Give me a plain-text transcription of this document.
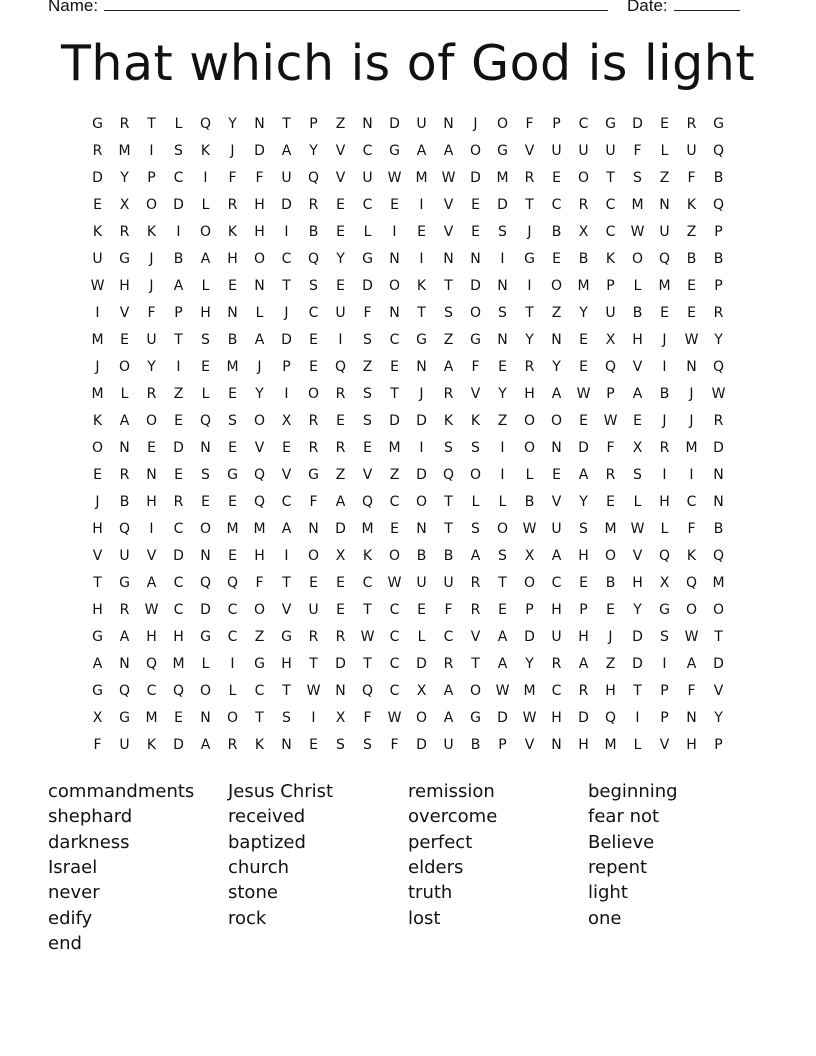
Name:	Date:
That which is of God is light
G	R	T	L	Q	Y	N	T	P	Z	N	D	U	N	J	O	F	P	C	G	D	E	R	G
R	M	I	S	K	J	D	A	Y	V	C	G	A	A	O	G	V	U	U	U	F	L	U	Q
D	Y	P	C	I	F	F	U	Q	V	U	W	M	W	D	M	R	E	O	T	S	Z	F	B
E	X	O	D	L	R	H	D	R	E	C	E	I	V	E	D	T	C	R	C	M	N	K	Q
K	R	K	I	O	K	H	I	B	E	L	I	E	V	E	S	J	B	X	C	W	U	Z	P
U	G	J	B	A	H	O	C	Q	Y	G	N	I	N	N	I	G	E	B	K	O	Q	B	B
W	H	J	A	L	E	N	T	S	E	D	O	K	T	D	N	I	O	M	P	L	M	E	P
I	V	F	P	H	N	L	J	C	U	F	N	T	S	O	S	T	Z	Y	U	B	E	E	R
M	E	U	T	S	B	A	D	E	I	S	C	G	Z	G	N	Y	N	E	X	H	J	W	Y
J	O	Y	I	E	M	J	P	E	Q	Z	E	N	A	F	E	R	Y	E	Q	V	I	N	Q
M	L	R	Z	L	E	Y	I	O	R	S	T	J	R	V	Y	H	A	W	P	A	B	J	W
K	A	O	E	Q	S	O	X	R	E	S	D	D	K	K	Z	O	O	E	W	E	J	J	R
O	N	E	D	N	E	V	E	R	R	E	M	I	S	S	I	O	N	D	F	X	R	M	D
E	R	N	E	S	G	Q	V	G	Z	V	Z	D	Q	O	I	L	E	A	R	S	I	I	N
J	B	H	R	E	E	Q	C	F	A	Q	C	O	T	L	L	B	V	Y	E	L	H	C	N
H	Q	I	C	O	M	M	A	N	D	M	E	N	T	S	O	W	U	S	M	W	L	F	B
V	U	V	D	N	E	H	I	O	X	K	O	B	B	A	S	X	A	H	O	V	Q	K	Q
T	G	A	C	Q	Q	F	T	E	E	C	W	U	U	R	T	O	C	E	B	H	X	Q	M
H	R	W	C	D	C	O	V	U	E	T	C	E	F	R	E	P	H	P	E	Y	G	O	O
G	A	H	H	G	C	Z	G	R	R	W	C	L	C	V	A	D	U	H	J	D	S	W	T
A	N	Q	M	L	I	G	H	T	D	T	C	D	R	T	A	Y	R	A	Z	D	I	A	D
G	Q	C	Q	O	L	C	T	W	N	Q	C	X	A	O	W	M	C	R	H	T	P	F	V
X	G	M	E	N	O	T	S	I	X	F	W	O	A	G	D	W	H	D	Q	I	P	N	Y
F	U	K	D	A	R	K	N	E	S	S	F	D	U	B	P	V	N	H	M	L	V	H	P
commandments
shephard
darkness
Israel
never
edify
end
Jesus Christ
received
baptized
church
stone
rock
remission
overcome
perfect
elders
truth
lost
beginning
fear not
Believe
repent
light
one
